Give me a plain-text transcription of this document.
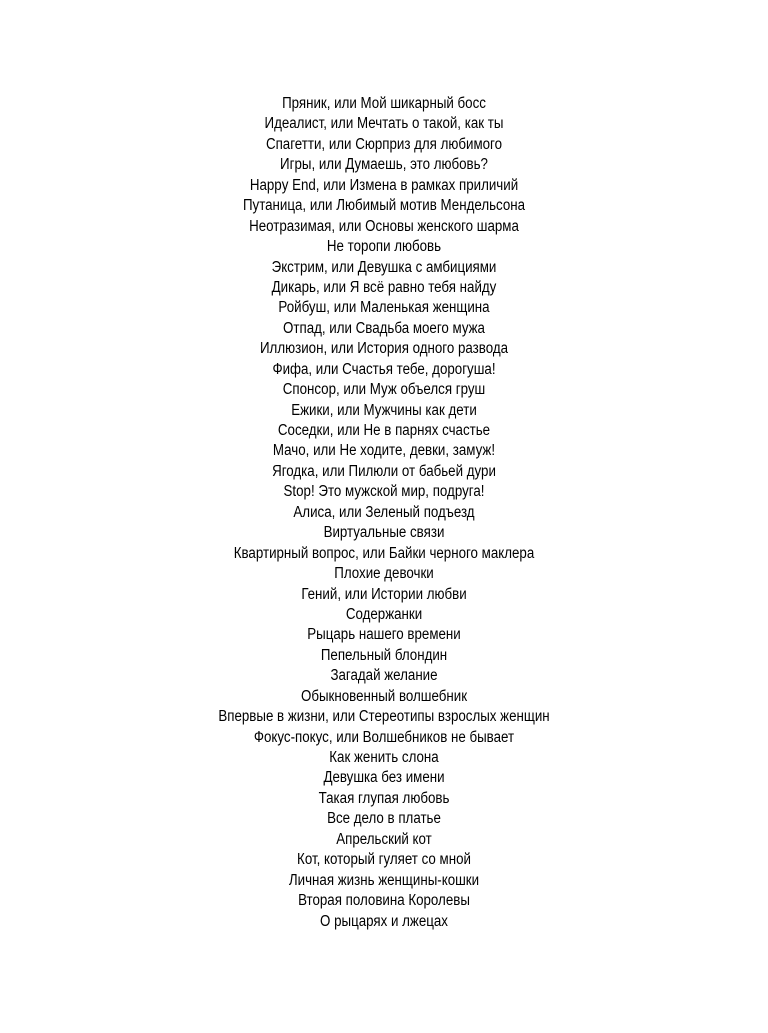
Пряник, или Мой шикарный босс
Идеалист, или Мечтать о такой, как ты
Спагетти, или Сюрприз для любимого
Игры, или Думаешь, это любовь?
Happy End, или Измена в рамках приличий
Путаница, или Любимый мотив Мендельсона
Неотразимая, или Основы женского шарма
Не торопи любовь
Экстрим, или Девушка с амбициями
Дикарь, или Я всё равно тебя найду
Ройбуш, или Маленькая женщина
Отпад, или Свадьба моего мужа
Иллюзион, или История одного развода
Фифа, или Счастья тебе, дорогуша!
Спонсор, или Муж объелся груш
Ежики, или Мужчины как дети
Соседки, или Не в парнях счастье
Мачо, или Не ходите, девки, замуж!
Ягодка, или Пилюли от бабьей дури
Stop! Это мужской мир, подруга!
Алиса, или Зеленый подъезд
Виртуальные связи
Квартирный вопрос, или Байки черного маклера
Плохие девочки
Гений, или Истории любви
Содержанки
Рыцарь нашего времени
Пепельный блондин
Загадай желание
Обыкновенный волшебник
Впервые в жизни, или Стереотипы взрослых женщин
Фокус-покус, или Волшебников не бывает
Как женить слона
Девушка без имени
Такая глупая любовь
Все дело в платье
Апрельский кот
Кот, который гуляет со мной
Личная жизнь женщины-кошки
Вторая половина Королевы
О рыцарях и лжецах
